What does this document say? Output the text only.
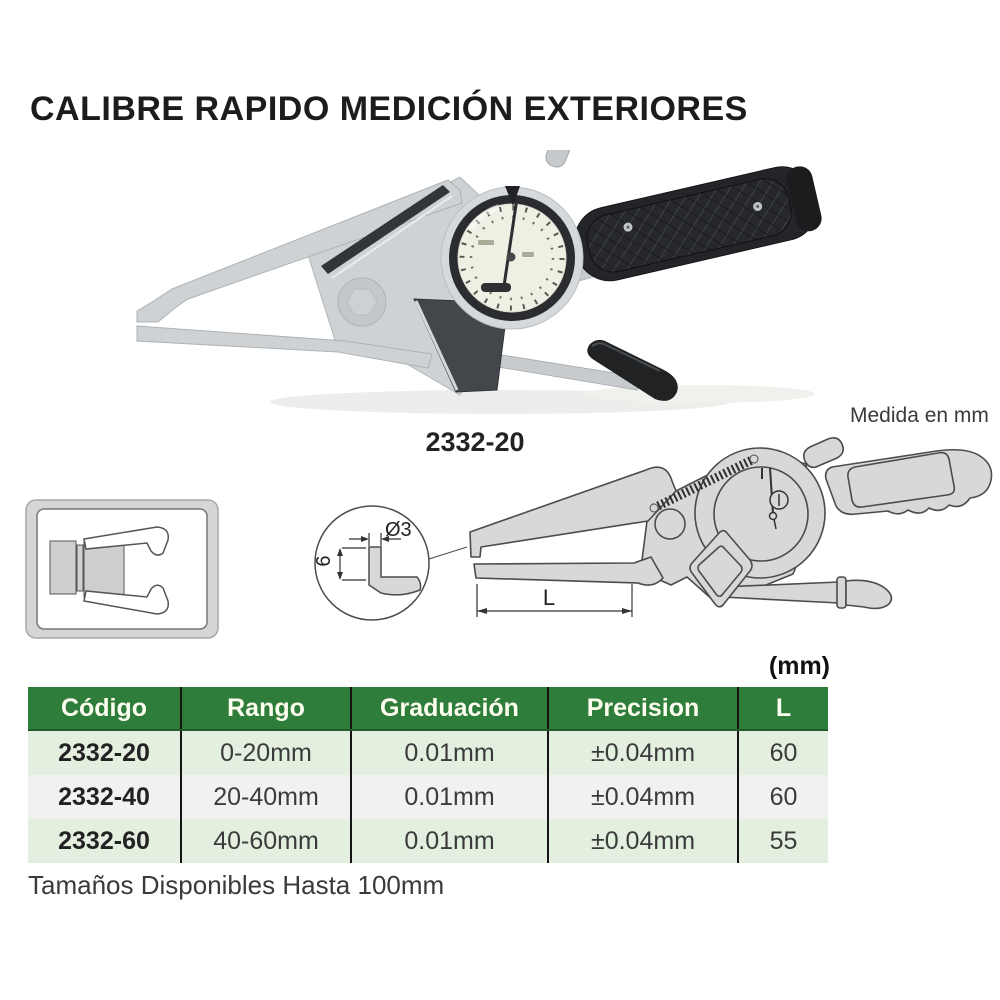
CALIBRE RAPIDO MEDICIÓN EXTERIORES
2332-20
Medida en mm
Ø3
6
L
(mm)
Código	Rango	Graduación	Precision	L
2332-20	0-20mm	0.01mm	±0.04mm	60
2332-40	20-40mm	0.01mm	±0.04mm	60
2332-60	40-60mm	0.01mm	±0.04mm	55
Tamaños Disponibles Hasta 100mm
